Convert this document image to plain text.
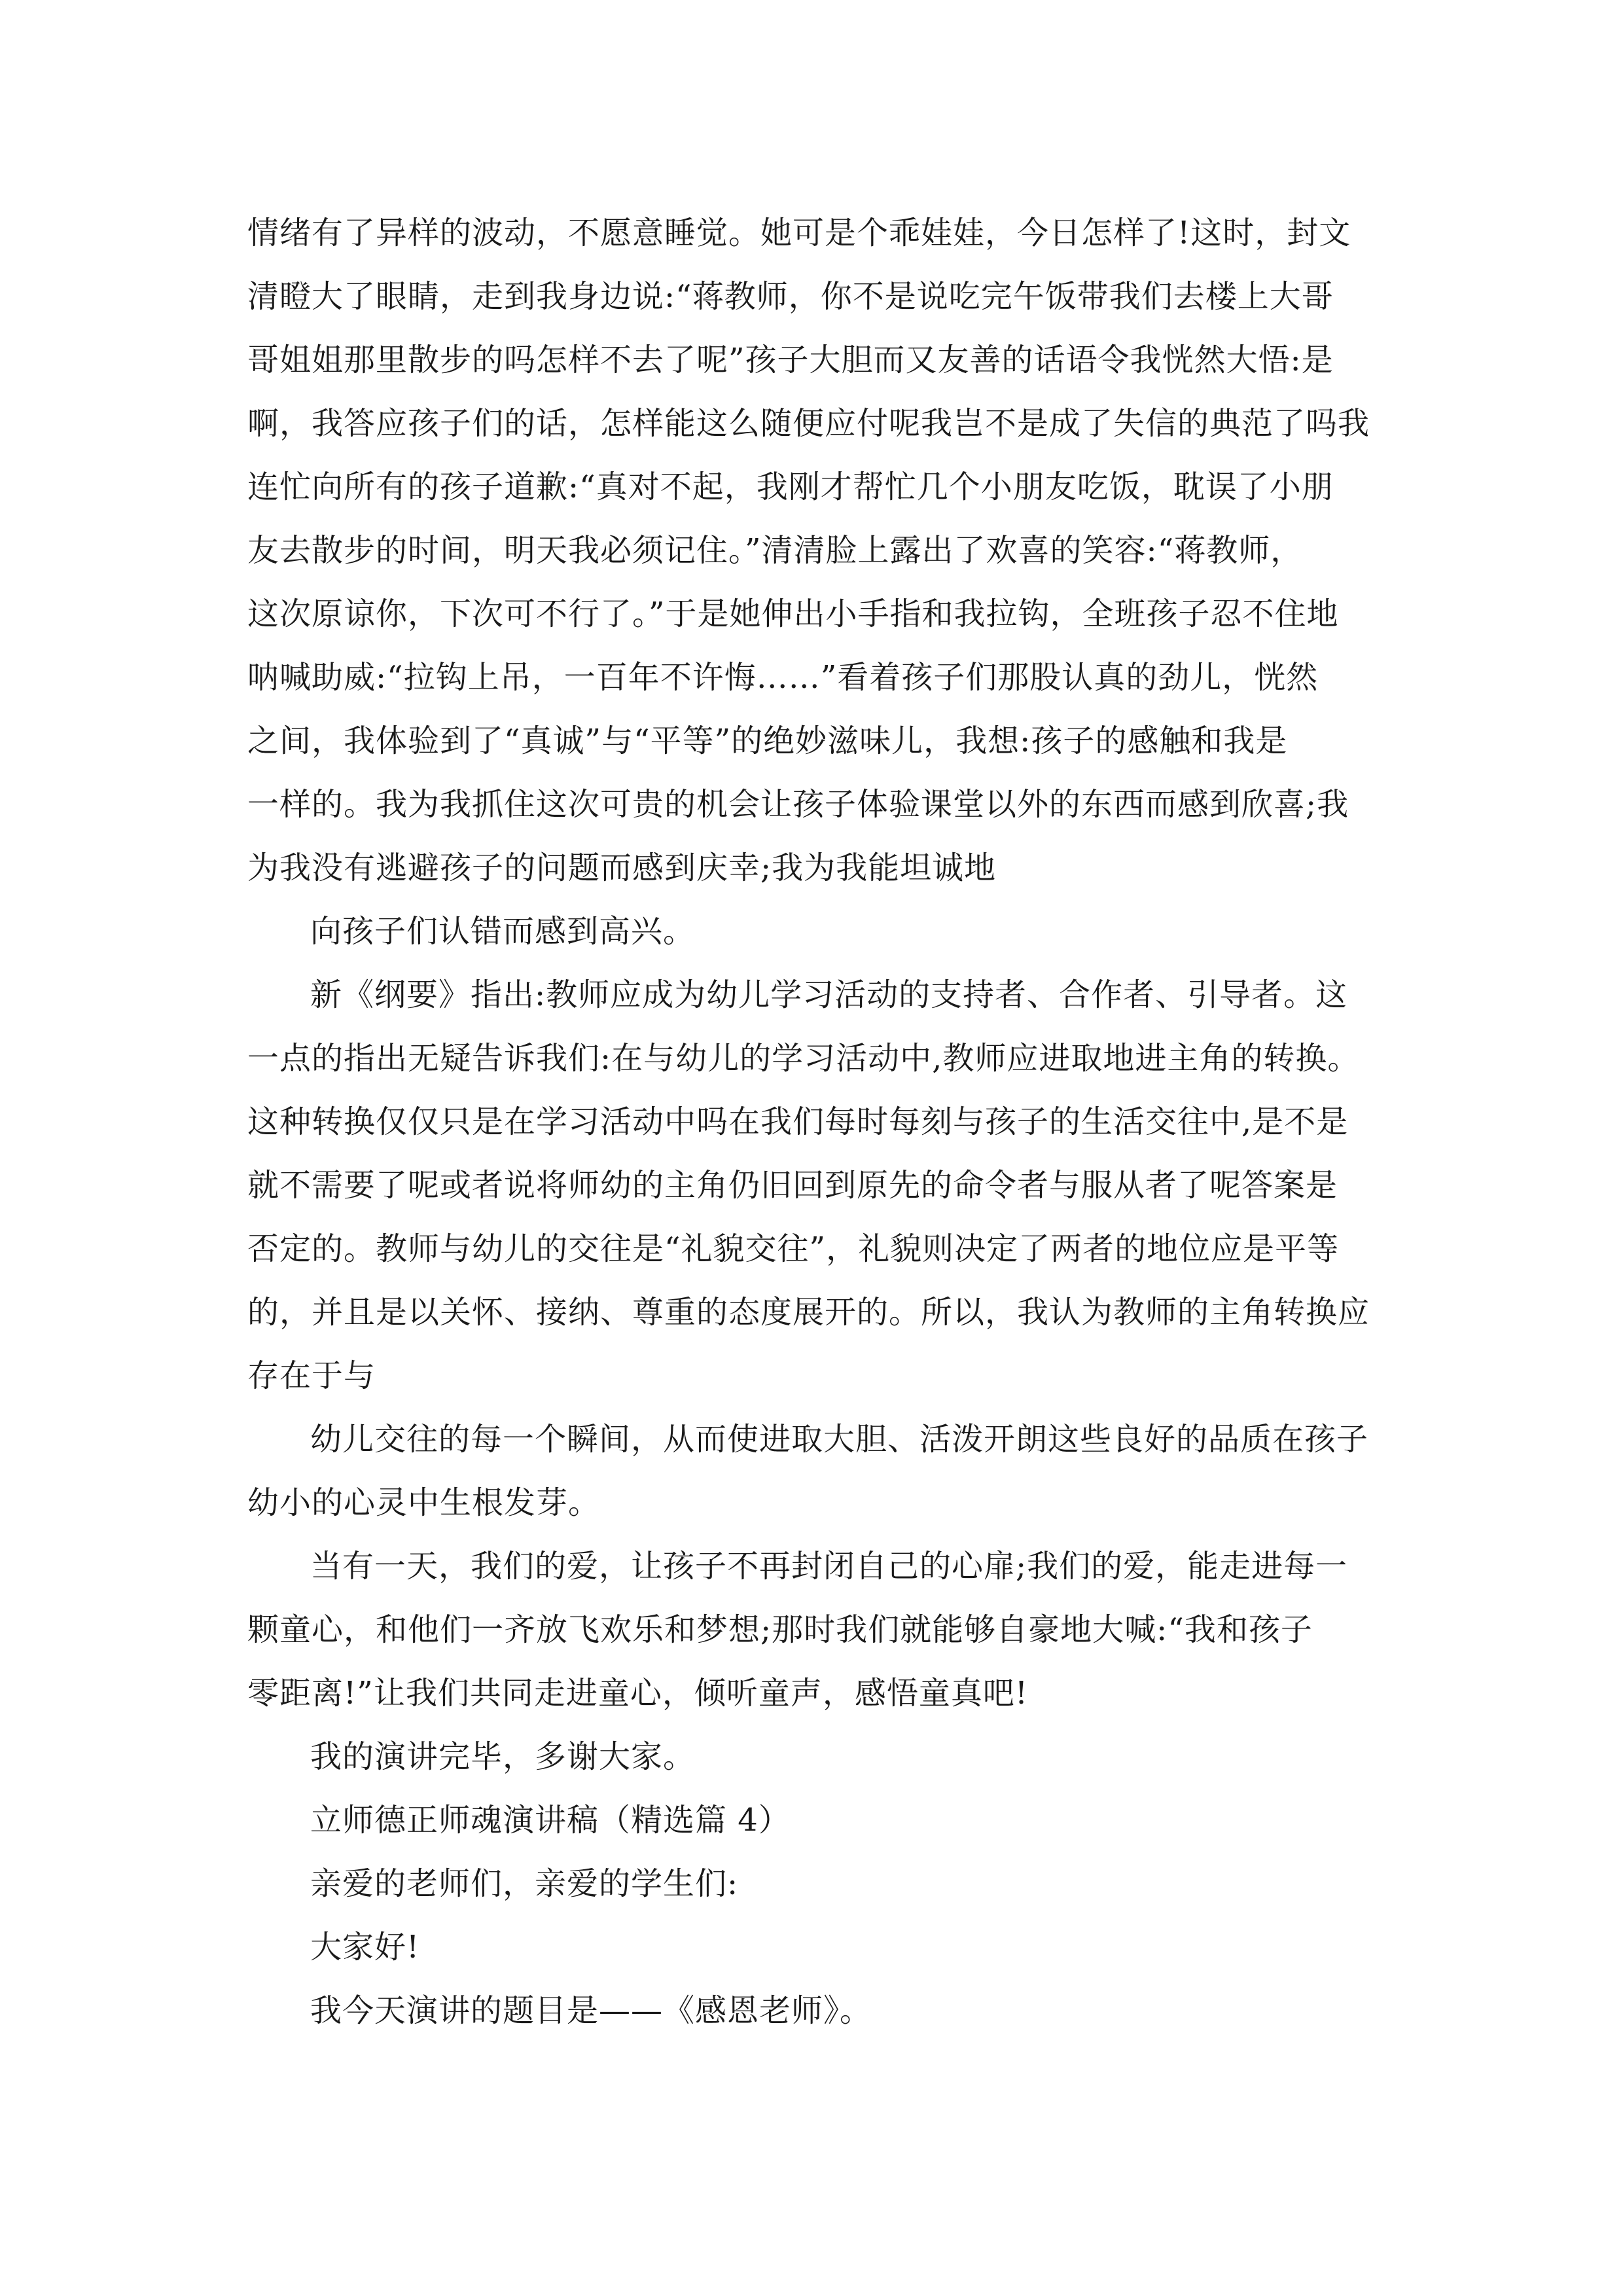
情绪有了异样的波动，不愿意睡觉。她可是个乖娃娃，今日怎样了!这时，封文
清瞪大了眼睛，走到我身边说:“蒋教师，你不是说吃完午饭带我们去楼上大哥
哥姐姐那里散步的吗怎样不去了呢”孩子大胆而又友善的话语令我恍然大悟:是
啊，我答应孩子们的话，怎样能这么随便应付呢我岂不是成了失信的典范了吗我
连忙向所有的孩子道歉:“真对不起，我刚才帮忙几个小朋友吃饭，耽误了小朋
友去散步的时间，明天我必须记住。”清清脸上露出了欢喜的笑容:“蒋教师，
这次原谅你，下次可不行了。”于是她伸出小手指和我拉钩，全班孩子忍不住地
呐喊助威:“拉钩上吊，一百年不许悔……”看着孩子们那股认真的劲儿，恍然
之间，我体验到了“真诚”与“平等”的绝妙滋味儿，我想:孩子的感触和我是
一样的。我为我抓住这次可贵的机会让孩子体验课堂以外的东西而感到欣喜;我
为我没有逃避孩子的问题而感到庆幸;我为我能坦诚地
向孩子们认错而感到高兴。
新《纲要》指出:教师应成为幼儿学习活动的支持者、合作者、引导者。这
一点的指出无疑告诉我们:在与幼儿的学习活动中,教师应进取地进主角的转换。
这种转换仅仅只是在学习活动中吗在我们每时每刻与孩子的生活交往中,是不是
就不需要了呢或者说将师幼的主角仍旧回到原先的命令者与服从者了呢答案是
否定的。教师与幼儿的交往是“礼貌交往”，礼貌则决定了两者的地位应是平等
的，并且是以关怀、接纳、尊重的态度展开的。所以，我认为教师的主角转换应
存在于与
幼儿交往的每一个瞬间，从而使进取大胆、活泼开朗这些良好的品质在孩子
幼小的心灵中生根发芽。
当有一天，我们的爱，让孩子不再封闭自己的心扉;我们的爱，能走进每一
颗童心，和他们一齐放飞欢乐和梦想;那时我们就能够自豪地大喊:“我和孩子
零距离!”让我们共同走进童心，倾听童声，感悟童真吧!
我的演讲完毕，多谢大家。
立师德正师魂演讲稿（精选篇 4）
亲爱的老师们，亲爱的学生们:
大家好!
我今天演讲的题目是——《感恩老师》。
